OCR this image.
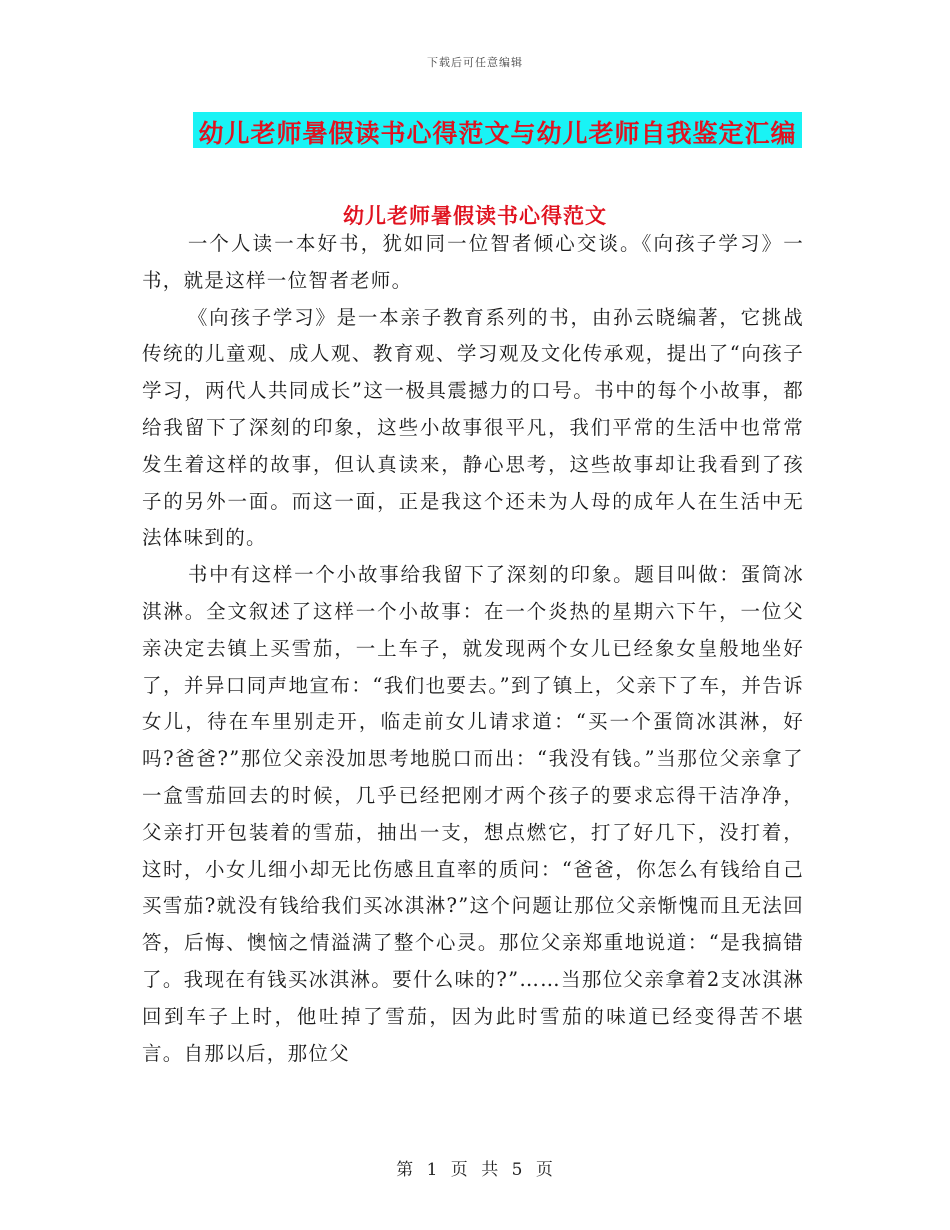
下载后可任意编辑
幼儿老师暑假读书心得范文与幼儿老师自我鉴定汇编
幼儿老师暑假读书心得范文

一个人读一本好书，犹如同一位智者倾心交谈。《向孩子学习》一书，就是这样一位智者老师。

《向孩子学习》是一本亲子教育系列的书，由孙云晓编著，它挑战传统的儿童观、成人观、教育观、学习观及文化传承观，提出了“向孩子学习，两代人共同成长”这一极具震撼力的口号。书中的每个小故事，都给我留下了深刻的印象，这些小故事很平凡，我们平常的生活中也常常发生着这样的故事，但认真读来，静心思考，这些故事却让我看到了孩子的另外一面。而这一面，正是我这个还未为人母的成年人在生活中无法体味到的。

书中有这样一个小故事给我留下了深刻的印象。题目叫做：蛋筒冰淇淋。全文叙述了这样一个小故事：在一个炎热的星期六下午，一位父亲决定去镇上买雪茄，一上车子，就发现两个女儿已经象女皇般地坐好了，并异口同声地宣布：“我们也要去。”到了镇上，父亲下了车，并告诉女儿，待在车里别走开，临走前女儿请求道：“买一个蛋筒冰淇淋，好吗?爸爸?”那位父亲没加思考地脱口而出：“我没有钱。”当那位父亲拿了一盒雪茄回去的时候，几乎已经把刚才两个孩子的要求忘得干洁净净，父亲打开包装着的雪茄，抽出一支，想点燃它，打了好几下，没打着，这时，小女儿细小却无比伤感且直率的质问：“爸爸，你怎么有钱给自己买雪茄?就没有钱给我们买冰淇淋?”这个问题让那位父亲惭愧而且无法回答，后悔、懊恼之情溢满了整个心灵。那位父亲郑重地说道：“是我搞错了。我现在有钱买冰淇淋。要什么味的?”……当那位父亲拿着2支冰淇淋回到车子上时，他吐掉了雪茄，因为此时雪茄的味道已经变得苦不堪言。自那以后，那位父

第 1 页 共 5 页
